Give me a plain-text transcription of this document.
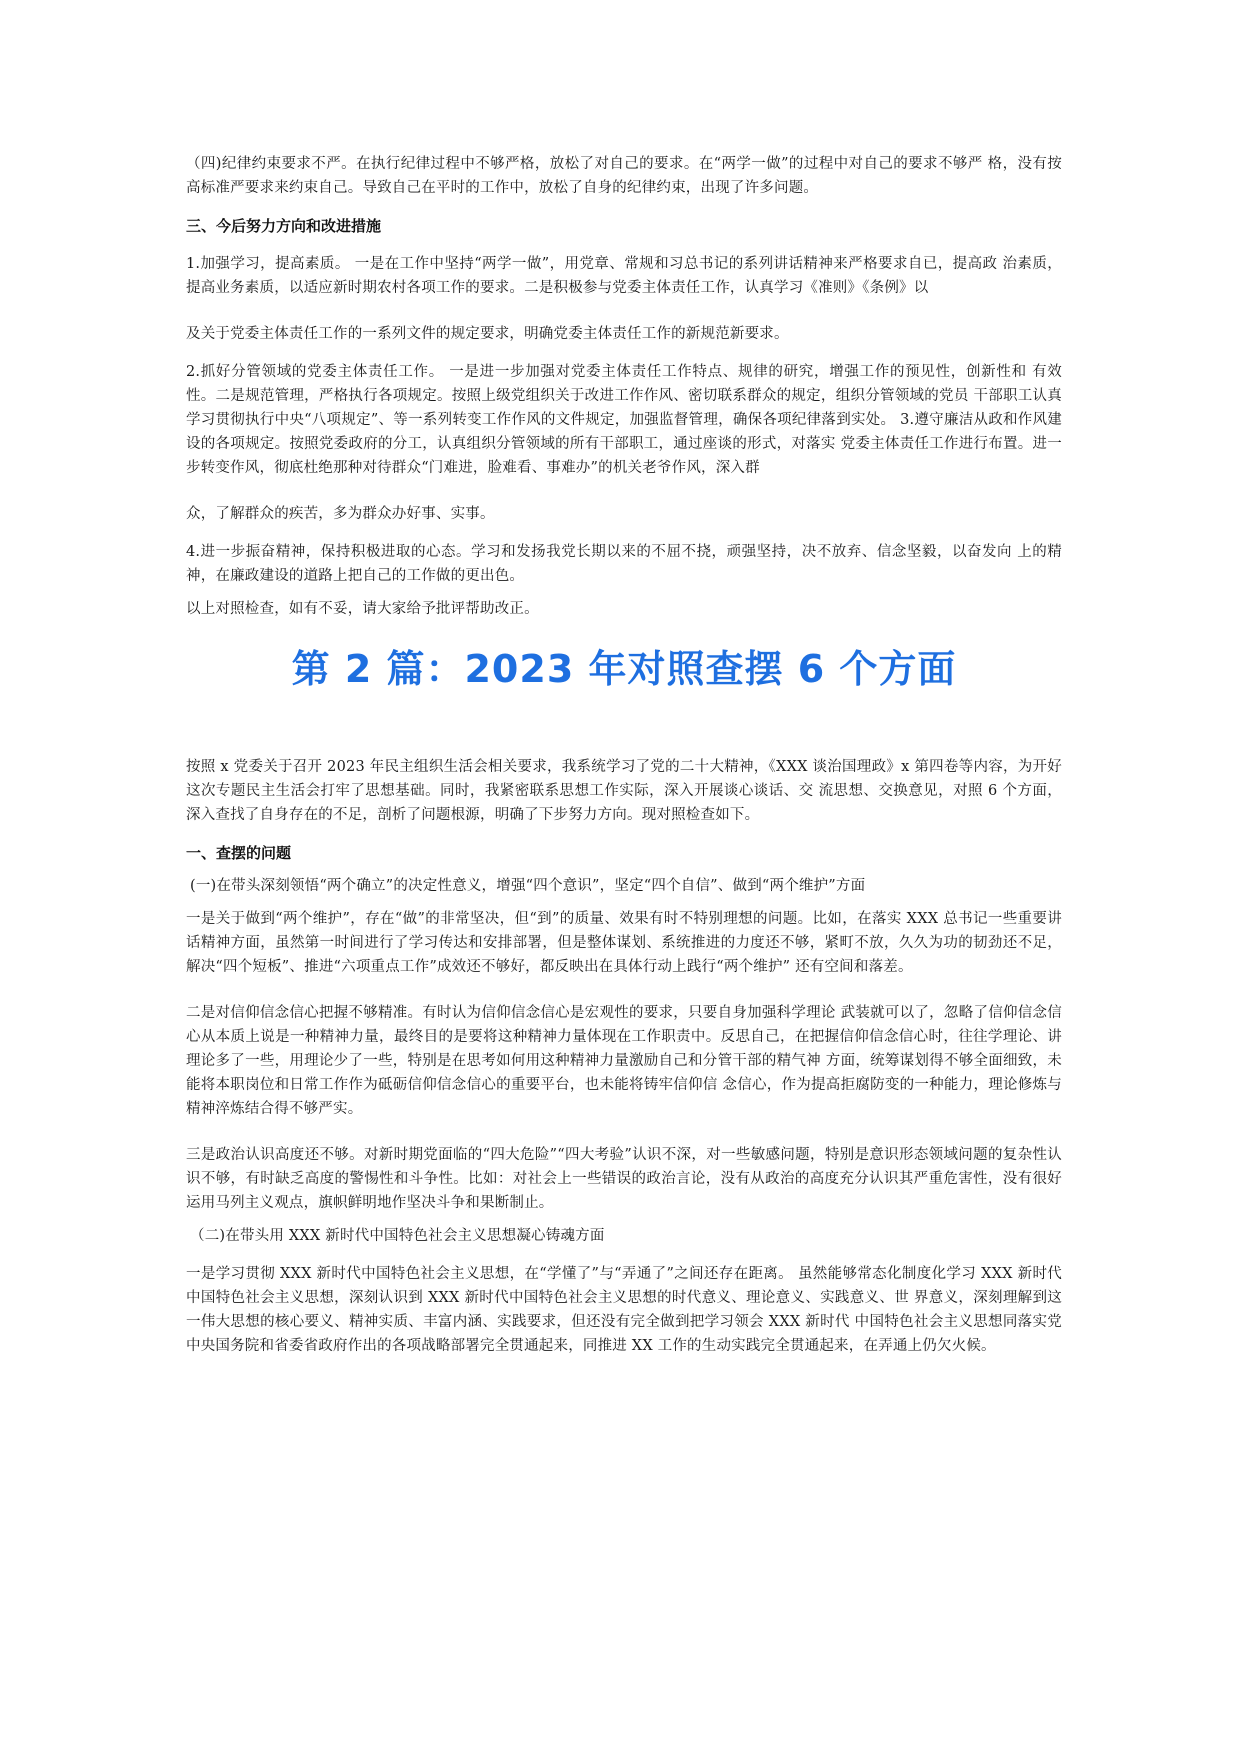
（四)纪律约束要求不严。在执行纪律过程中不够严格，放松了对自己的要求。在“两学一做”的过程中对自己的要求不够严 格，没有按高标准严要求来约束自己。导致自己在平时的工作中，放松了自身的纪律约束，出现了许多问题。

三、今后努力方向和改进措施

1.加强学习，提高素质。 一是在工作中坚持“两学一做”，用党章、常规和习总书记的系列讲话精神来严格要求自已，提高政 治素质，提高业务素质，以适应新时期农村各项工作的要求。二是积极参与党委主体责任工作，认真学习《准则》《条例》以

及关于党委主体责任工作的一系列文件的规定要求，明确党委主体责任工作的新规范新要求。

2.抓好分管领域的党委主体责任工作。 一是进一步加强对党委主体责任工作特点、规律的研究，增强工作的预见性，创新性和 有效性。二是规范管理，严格执行各项规定。按照上级党组织关于改进工作作风、密切联系群众的规定，组织分管领域的党员 干部职工认真学习贯彻执行中央“八项规定”、等一系列转变工作作风的文件规定，加强监督管理，确保各项纪律落到实处。 3.遵守廉洁从政和作风建设的各项规定。按照党委政府的分工，认真组织分管领域的所有干部职工，通过座谈的形式，对落实 党委主体责任工作进行布置。进一步转变作风，彻底杜绝那种对待群众“门难进，脸难看、事难办”的机关老爷作风，深入群

众，了解群众的疾苦，多为群众办好事、实事。

4.进一步振奋精神，保持积极进取的心态。学习和发扬我党长期以来的不屈不挠，顽强坚持，决不放弃、信念坚毅，以奋发向 上的精神，在廉政建设的道路上把自己的工作做的更出色。

以上对照检查，如有不妥，请大家给予批评帮助改正。

第 2 篇：2023 年对照查摆 6 个方面

按照 x 党委关于召开 2023 年民主组织生活会相关要求，我系统学习了党的二十大精神，《XXX 谈治国理政》x 第四卷等内容，为开好这次专题民主生活会打牢了思想基础。同时，我紧密联系思想工作实际，深入开展谈心谈话、交 流思想、交换意见，对照 6 个方面，深入查找了自身存在的不足，剖析了问题根源，明确了下步努力方向。现对照检查如下。

一、查摆的问题

(一)在带头深刻领悟“两个确立”的决定性意义，增强“四个意识”，坚定“四个自信”、做到“两个维护”方面

一是关于做到“两个维护”，存在“做”的非常坚决，但“到”的质量、效果有时不特别理想的问题。比如，在落实 XXX 总书记一些重要讲话精神方面，虽然第一时间进行了学习传达和安排部署，但是整体谋划、系统推进的力度还不够，紧町不放，久久为功的韧劲还不足，解决“四个短板”、推进“六项重点工作”成效还不够好，都反映出在具体行动上践行“两个维护” 还有空间和落差。

二是对信仰信念信心把握不够精准。有时认为信仰信念信心是宏观性的要求，只要自身加强科学理论 武装就可以了，忽略了信仰信念信心从本质上说是一种精神力量，最终目的是要将这种精神力量体现在工作职责中。反思自己，在把握信仰信念信心时，往往学理论、讲理论多了一些，用理论少了一些，特别是在思考如何用这种精神力量激励自己和分管干部的精气神 方面，统筹谋划得不够全面细致，未能将本职岗位和日常工作作为砥砺信仰信念信心的重要平台，也未能将铸牢信仰信 念信心，作为提高拒腐防变的一种能力，理论修炼与精神淬炼结合得不够严实。

三是政治认识高度还不够。对新时期党面临的“四大危险”“四大考验”认识不深，对一些敏感问题，特别是意识形态领域问题的复杂性认识不够，有时缺乏高度的警惕性和斗争性。比如：对社会上一些错误的政治言论，没有从政治的高度充分认识其严重危害性，没有很好运用马列主义观点，旗帜鲜明地作坚决斗争和果断制止。

（二)在带头用 XXX 新时代中国特色社会主义思想凝心铸魂方面

一是学习贯彻 XXX 新时代中国特色社会主义思想，在“学懂了”与“弄通了”之间还存在距离。 虽然能够常态化制度化学习 XXX 新时代中国特色社会主义思想，深刻认识到 XXX 新时代中国特色社会主义思想的时代意义、理论意义、实践意义、世 界意义，深刻理解到这一伟大思想的核心要义、精神实质、丰富内涵、实践要求，但还没有完全做到把学习领会 XXX 新时代 中国特色社会主义思想同落实党中央国务院和省委省政府作出的各项战略部署完全贯通起来，同推进 XX 工作的生动实践完全贯通起来，在弄通上仍欠火候。
